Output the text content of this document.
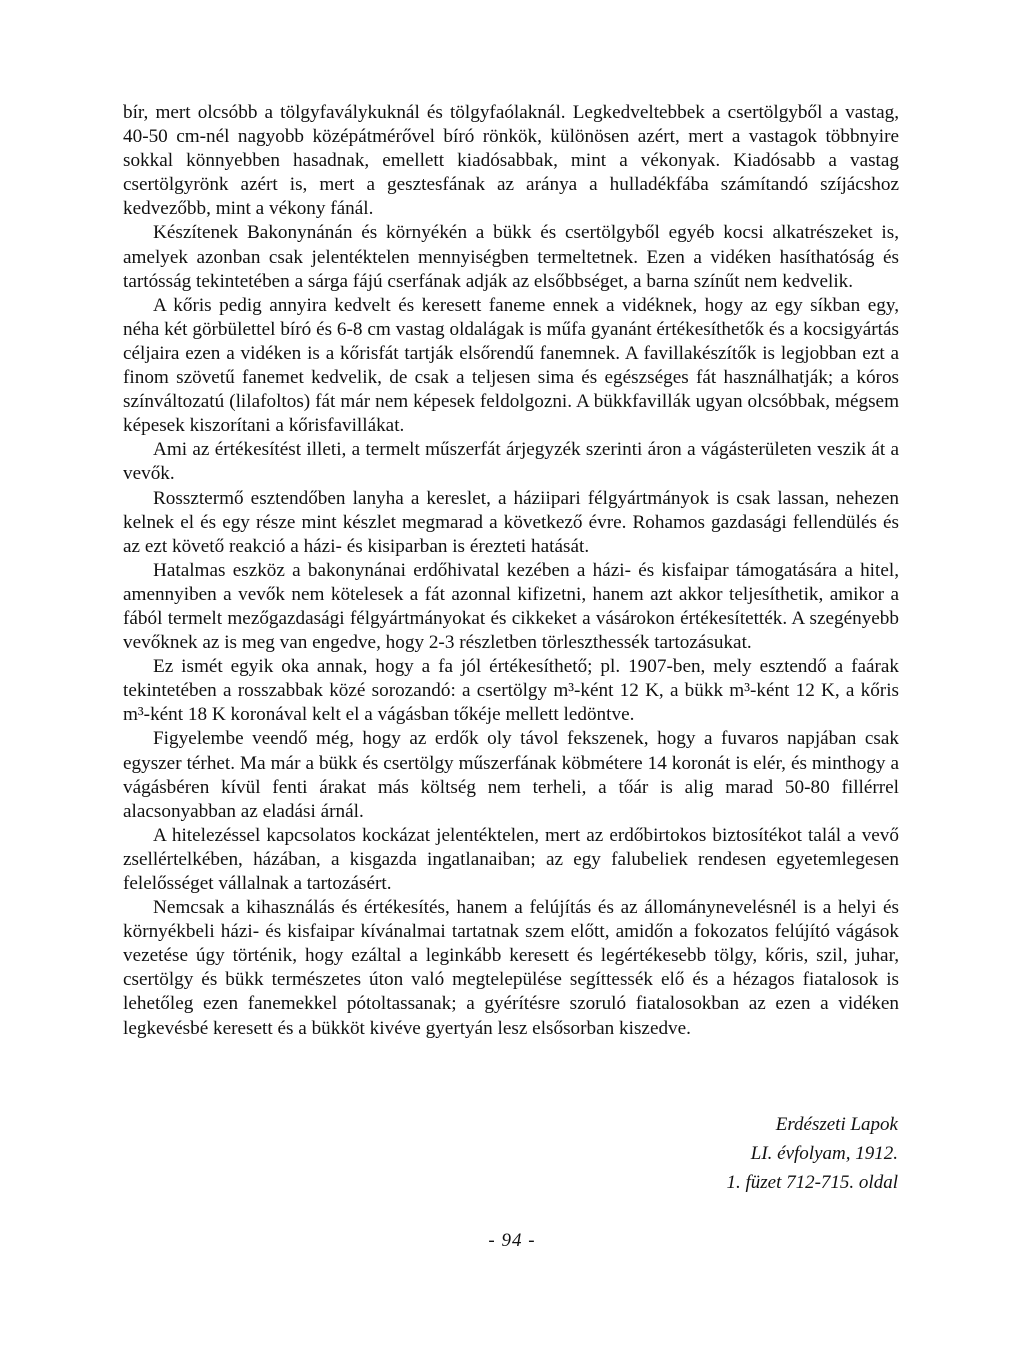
bír, mert olcsóbb a tölgyfaválykuknál és tölgyfaólaknál. Legkedveltebbek a csertölgyből a vastag, 40-50 cm-nél nagyobb középátmérővel bíró rönkök, különösen azért, mert a vastagok többnyire sokkal könnyebben hasadnak, emellett kiadósabbak, mint a vékonyak. Kiadósabb a vastag csertölgyrönk azért is, mert a gesztesfának az aránya a hulladékfába számítandó szíjácshoz kedvezőbb, mint a vékony fánál.

Készítenek Bakonynánán és környékén a bükk és csertölgyből egyéb kocsi alkatrészeket is, amelyek azonban csak jelentéktelen mennyiségben termeltetnek. Ezen a vidéken hasíthatóság és tartósság tekintetében a sárga fájú cserfának adják az elsőbbséget, a barna színűt nem kedvelik.

A kőris pedig annyira kedvelt és keresett faneme ennek a vidéknek, hogy az egy síkban egy, néha két görbülettel bíró és 6-8 cm vastag oldalágak is műfa gyanánt értékesíthetők és a kocsigyártás céljaira ezen a vidéken is a kőrisfát tartják elsőrendű fanemnek. A favillakészítők is legjobban ezt a finom szövetű fanemet kedvelik, de csak a teljesen sima és egészséges fát használhatják; a kóros színváltozatú (lilafoltos) fát már nem képesek feldolgozni. A bükkfavillák ugyan olcsóbbak, mégsem képesek kiszorítani a kőrisfavillákat.

Ami az értékesítést illeti, a termelt műszerfát árjegyzék szerinti áron a vágásterületen veszik át a vevők.

Rossztermő esztendőben lanyha a kereslet, a háziipari félgyártmányok is csak lassan, nehezen kelnek el és egy része mint készlet megmarad a következő évre. Rohamos gazdasági fellendülés és az ezt követő reakció a házi- és kisiparban is érezteti hatását.

Hatalmas eszköz a bakonynánai erdőhivatal kezében a házi- és kisfaipar támogatására a hitel, amennyiben a vevők nem kötelesek a fát azonnal kifizetni, hanem azt akkor teljesíthetik, amikor a fából termelt mezőgazdasági félgyártmányokat és cikkeket a vásárokon értékesítették. A szegényebb vevőknek az is meg van engedve, hogy 2-3 részletben törleszthessék tartozásukat.

Ez ismét egyik oka annak, hogy a fa jól értékesíthető; pl. 1907-ben, mely esztendő a faárak tekintetében a rosszabbak közé sorozandó: a csertölgy m³-ként 12 K, a bükk m³-ként 12 K, a kőris m³-ként 18 K koronával kelt el a vágásban tőkéje mellett ledöntve.

Figyelembe veendő még, hogy az erdők oly távol fekszenek, hogy a fuvaros napjában csak egyszer térhet. Ma már a bükk és csertölgy műszerfának köbmétere 14 koronát is elér, és minthogy a vágásbéren kívül fenti árakat más költség nem terheli, a tőár is alig marad 50-80 fillérrel alacsonyabban az eladási árnál.

A hitelezéssel kapcsolatos kockázat jelentéktelen, mert az erdőbirtokos biztosítékot talál a vevő zsellértelkében, házában, a kisgazda ingatlanaiban; az egy falubeliek rendesen egyetemlegesen felelősséget vállalnak a tartozásért.

Nemcsak a kihasználás és értékesítés, hanem a felújítás és az állománynevelésnél is a helyi és környékbeli házi- és kisfaipar kívánalmai tartatnak szem előtt, amidőn a fokozatos felújító vágások vezetése úgy történik, hogy ezáltal a leginkább keresett és legértékesebb tölgy, kőris, szil, juhar, csertölgy és bükk természetes úton való megtelepülése segíttessék elő és a hézagos fiatalosok is lehetőleg ezen fanemekkel pótoltassanak; a gyérítésre szoruló fiatalosokban az ezen a vidéken legkevésbé keresett és a bükköt kivéve gyertyán lesz elsősorban kiszedve.

Erdészeti Lapok
LI. évfolyam, 1912.
1. füzet 712-715. oldal
- 94 -
